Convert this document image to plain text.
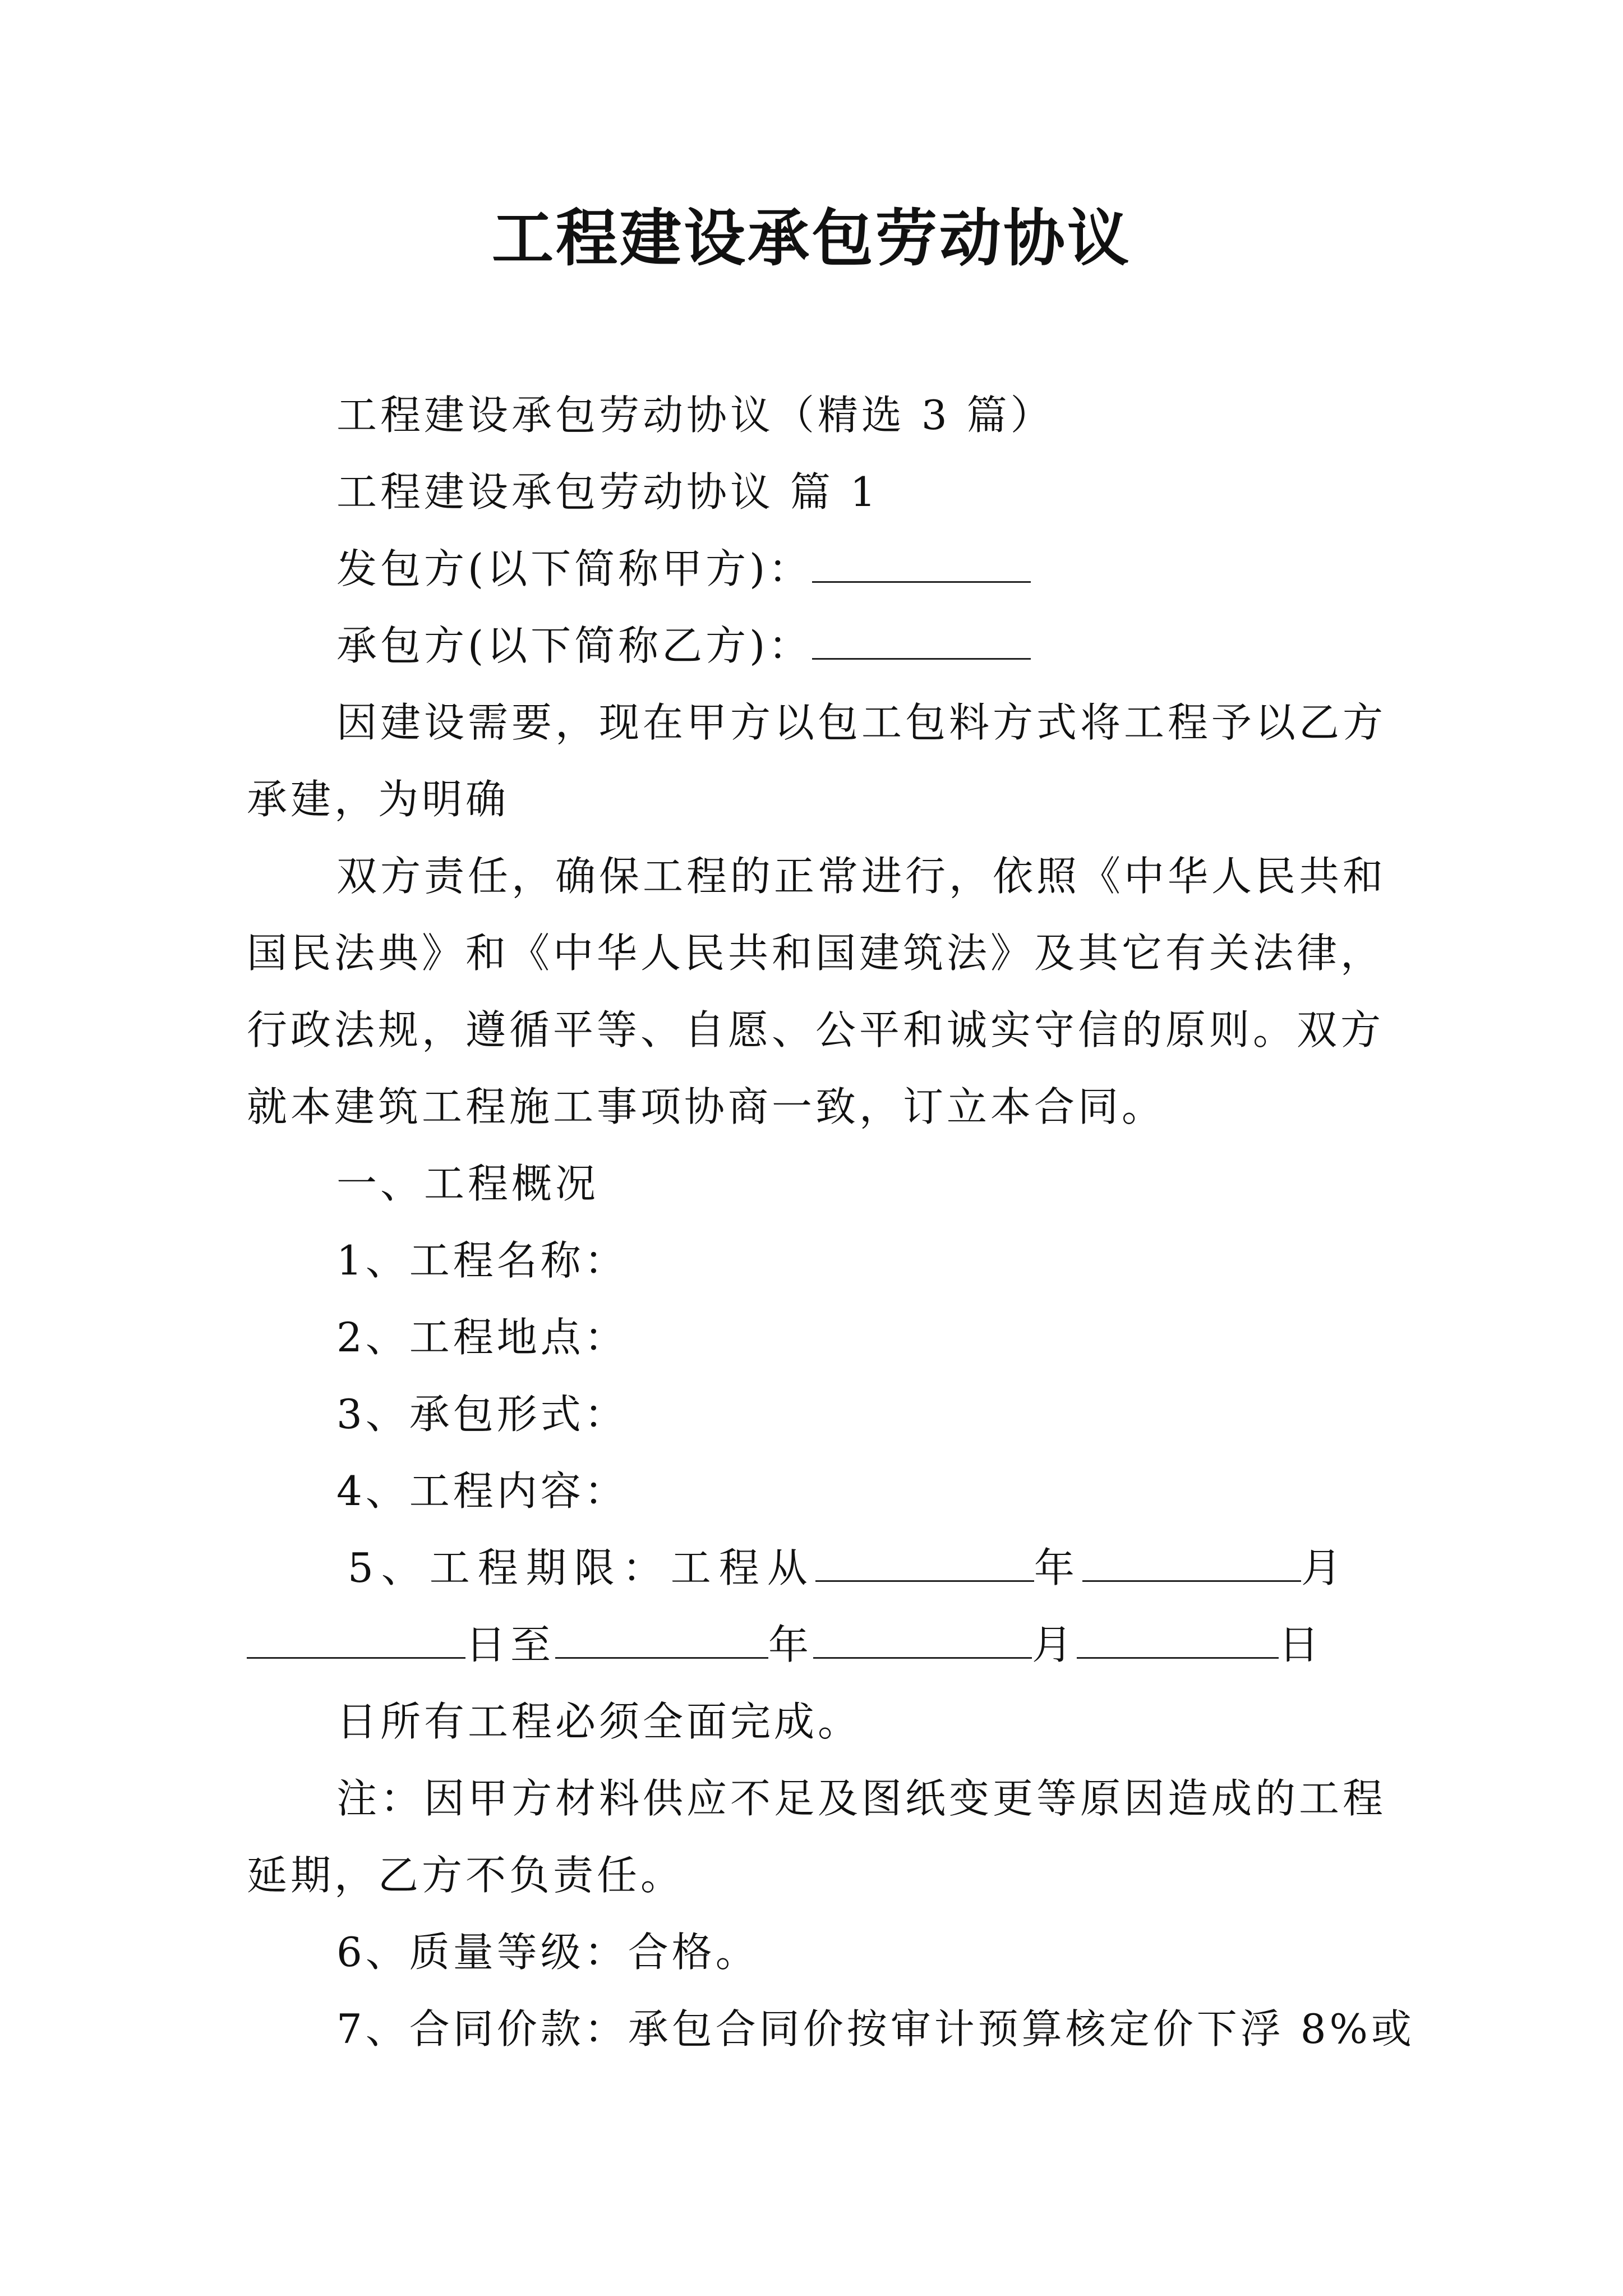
工程建设承包劳动协议
工程建设承包劳动协议（精选 3 篇）
工程建设承包劳动协议 篇 1
发包方(以下简称甲方)：
承包方(以下简称乙方)：
因建设需要，现在甲方以包工包料方式将工程予以乙方
承建，为明确
双方责任，确保工程的正常进行，依照《中华人民共和
国民法典》和《中华人民共和国建筑法》及其它有关法律，
行政法规，遵循平等、自愿、公平和诚实守信的原则。双方
就本建筑工程施工事项协商一致，订立本合同。
一、工程概况
1、工程名称：
2、工程地点：
3、承包形式：
4、工程内容：
5、工程期限：工程从	年	月
日至	年	月	日
日所有工程必须全面完成。
注：因甲方材料供应不足及图纸变更等原因造成的工程
延期，乙方不负责任。
6、质量等级：合格。
7、合同价款：承包合同价按审计预算核定价下浮 8%或
